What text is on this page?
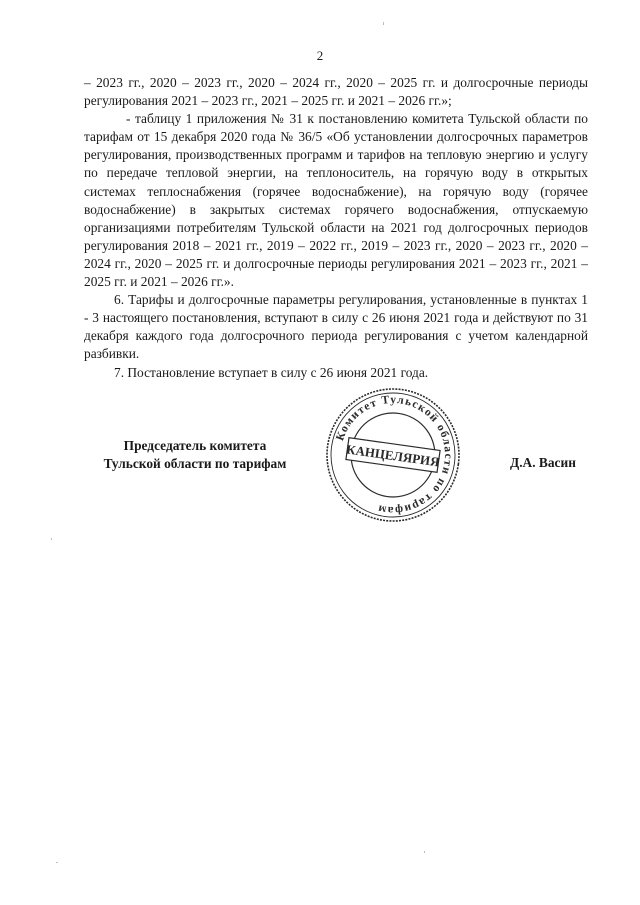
2

– 2023 гг., 2020 – 2023 гг., 2020 – 2024 гг., 2020 – 2025 гг. и долгосрочные периоды регулирования 2021 – 2023 гг., 2021 – 2025 гг. и 2021 – 2026 гг.»;

- таблицу 1 приложения № 31 к постановлению комитета Тульской области по тарифам от 15 декабря 2020 года № 36/5 «Об установлении долгосрочных параметров регулирования, производственных программ и тарифов на тепловую энергию и услугу по передаче тепловой энергии, на теплоноситель, на горячую воду в открытых системах теплоснабжения (горячее водоснабжение), на горячую воду (горячее водоснабжение) в закрытых системах горячего водоснабжения, отпускаемую организациями потребителям Тульской области на 2021 год долгосрочных периодов регулирования 2018 – 2021 гг., 2019 – 2022 гг., 2019 – 2023 гг., 2020 – 2023 гг., 2020 – 2024 гг., 2020 – 2025 гг. и долгосрочные периоды регулирования 2021 – 2023 гг., 2021 – 2025 гг. и 2021 – 2026 гг.».

6. Тарифы и долгосрочные параметры регулирования, установленные в пунктах 1 - 3 настоящего постановления, вступают в силу с 26 июня 2021 года и действуют по 31 декабря каждого года долгосрочного периода регулирования с учетом календарной разбивки.

7. Постановление вступает в силу с 26 июня 2021 года.

Председатель комитета
Тульской области по тарифам	Д.А. Васин
Комитет Тульской области по тарифам
КАНЦЕЛЯРИЯ
